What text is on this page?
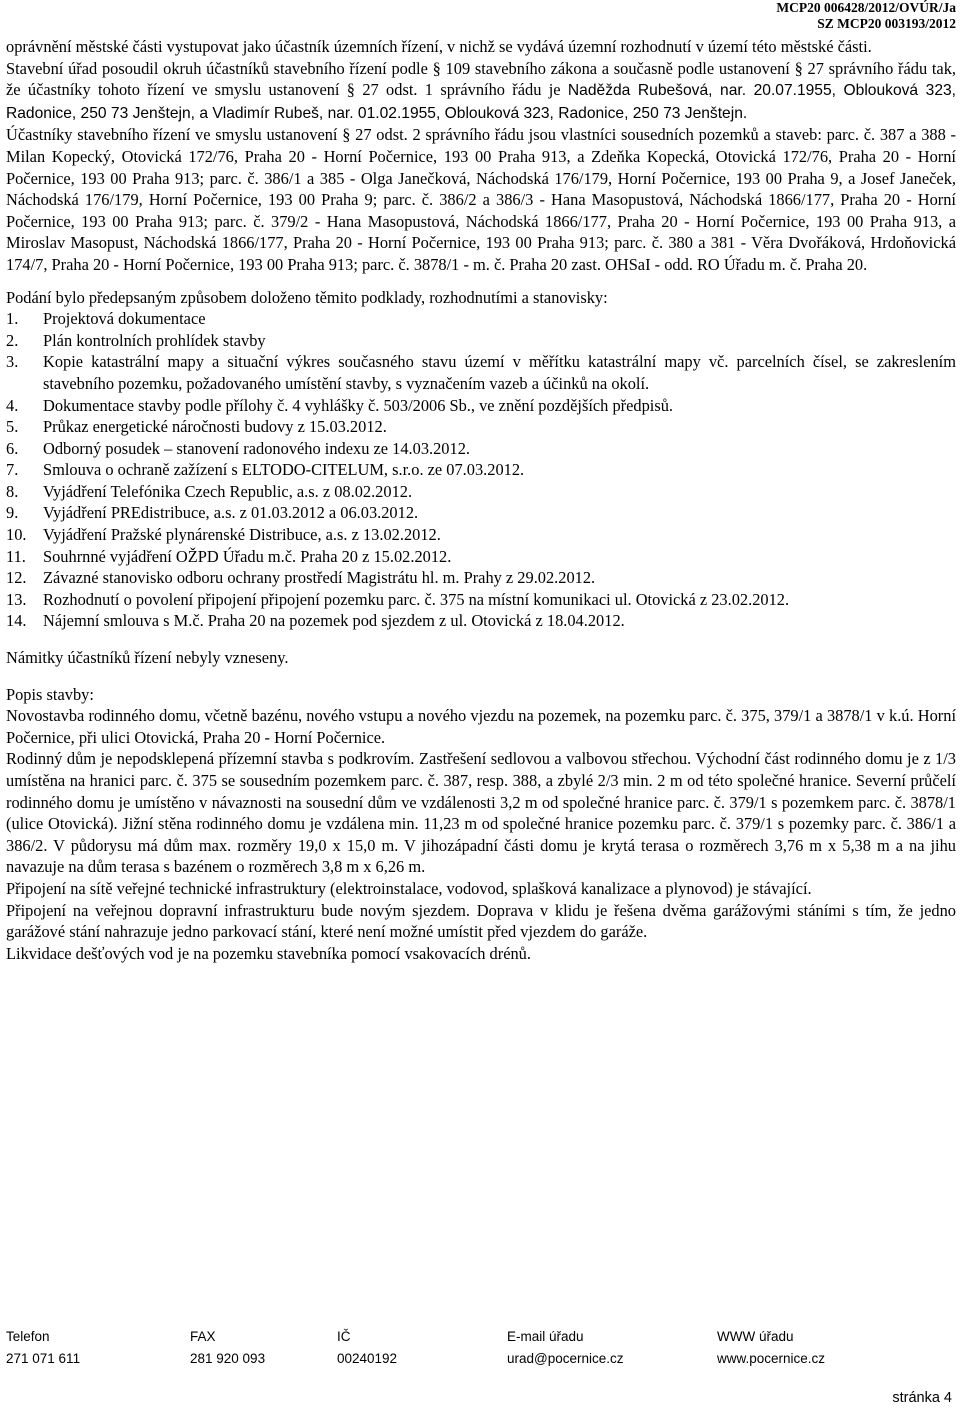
MCP20 006428/2012/OVÚR/Ja
SZ MCP20 003193/2012

oprávnění městské části vystupovat jako účastník územních řízení, v nichž se vydává územní rozhodnutí v území této městské části.

Stavební úřad posoudil okruh účastníků stavebního řízení podle § 109 stavebního zákona a současně podle ustanovení § 27 správního řádu tak, že účastníky tohoto řízení ve smyslu ustanovení § 27 odst. 1 správního řádu je Naděžda Rubešová, nar. 20.07.1955, Oblouková 323, Radonice, 250 73 Jenštejn, a Vladimír Rubeš, nar. 01.02.1955, Oblouková 323, Radonice, 250 73 Jenštejn.

Účastníky stavebního řízení ve smyslu ustanovení § 27 odst. 2 správního řádu jsou vlastníci sousedních pozemků a staveb: parc. č. 387 a 388 - Milan Kopecký, Otovická 172/76, Praha 20 - Horní Počernice, 193 00 Praha 913, a Zdeňka Kopecká, Otovická 172/76, Praha 20 - Horní Počernice, 193 00 Praha 913; parc. č. 386/1 a 385 - Olga Janečková, Náchodská 176/179, Horní Počernice, 193 00 Praha 9, a Josef Janeček, Náchodská 176/179, Horní Počernice, 193 00 Praha 9; parc. č. 386/2 a 386/3 - Hana Masopustová, Náchodská 1866/177, Praha 20 - Horní Počernice, 193 00 Praha 913; parc. č. 379/2 - Hana Masopustová, Náchodská 1866/177, Praha 20 - Horní Počernice, 193 00 Praha 913, a Miroslav Masopust, Náchodská 1866/177, Praha 20 - Horní Počernice, 193 00 Praha 913; parc. č. 380 a 381 - Věra Dvořáková, Hrdoňovická 174/7, Praha 20 - Horní Počernice, 193 00 Praha 913; parc. č. 3878/1 - m. č. Praha 20 zast. OHSaI - odd. RO Úřadu m. č. Praha 20.

Podání bylo předepsaným způsobem doloženo těmito podklady, rozhodnutími a stanovisky:

1. Projektová dokumentace
2. Plán kontrolních prohlídek stavby
3. Kopie katastrální mapy a situační výkres současného stavu území v měřítku katastrální mapy vč. parcelních čísel, se zakreslením stavebního pozemku, požadovaného umístění stavby, s vyznačením vazeb a účinků na okolí.
4. Dokumentace stavby podle přílohy č. 4 vyhlášky č. 503/2006 Sb., ve znění pozdějších předpisů.
5. Průkaz energetické náročnosti budovy z 15.03.2012.
6. Odborný posudek – stanovení radonového indexu ze 14.03.2012.
7. Smlouva o ochraně zažízení s ELTODO-CITELUM, s.r.o. ze 07.03.2012.
8. Vyjádření Telefónika Czech Republic, a.s. z 08.02.2012.
9. Vyjádření PREdistribuce, a.s. z 01.03.2012 a 06.03.2012.
10. Vyjádření Pražské plynárenské Distribuce, a.s. z 13.02.2012.
11. Souhrnné vyjádření OŽPD Úřadu m.č. Praha 20 z 15.02.2012.
12. Závazné stanovisko odboru ochrany prostředí Magistrátu hl. m. Prahy z 29.02.2012.
13. Rozhodnutí o povolení připojení připojení pozemku parc. č. 375 na místní komunikaci ul. Otovická z 23.02.2012.
14. Nájemní smlouva s M.č. Praha 20 na pozemek pod sjezdem z ul. Otovická z 18.04.2012.

Námitky účastníků řízení nebyly vzneseny.

Popis stavby:

Novostavba rodinného domu, včetně bazénu, nového vstupu a nového vjezdu na pozemek, na pozemku parc. č. 375, 379/1 a 3878/1 v k.ú. Horní Počernice, při ulici Otovická, Praha 20 - Horní Počernice.

Rodinný dům je nepodsklepená přízemní stavba s podkrovím. Zastřešení sedlovou a valbovou střechou. Východní část rodinného domu je z 1/3 umístěna na hranici parc. č. 375 se sousedním pozemkem parc. č. 387, resp. 388, a zbylé 2/3 min. 2 m od této společné hranice. Severní průčelí rodinného domu je umístěno v návaznosti na sousední dům ve vzdálenosti 3,2 m od společné hranice parc. č. 379/1 s pozemkem parc. č. 3878/1 (ulice Otovická). Jižní stěna rodinného domu je vzdálena min. 11,23 m od společné hranice pozemku parc. č. 379/1 s pozemky parc. č. 386/1 a 386/2. V půdorysu má dům max. rozměry 19,0 x 15,0 m. V jihozápadní části domu je krytá terasa o rozměrech 3,76 m x 5,38 m a na jihu navazuje na dům terasa s bazénem o rozměrech 3,8 m x 6,26 m.

Připojení na sítě veřejné technické infrastruktury (elektroinstalace, vodovod, splašková kanalizace a plynovod) je stávající.

Připojení na veřejnou dopravní infrastrukturu bude novým sjezdem. Doprava v klidu je řešena dvěma garážovými stáními s tím, že jedno garážové stání nahrazuje jedno parkovací stání, které není možné umístit před vjezdem do garáže.

Likvidace dešťových vod je na pozemku stavebníka pomocí vsakovacích drénů.

Telefon
271 071 611
FAX
281 920 093
IČ
00240192
E-mail úřadu
urad@pocernice.cz
WWW úřadu
www.pocernice.cz
stránka 4
